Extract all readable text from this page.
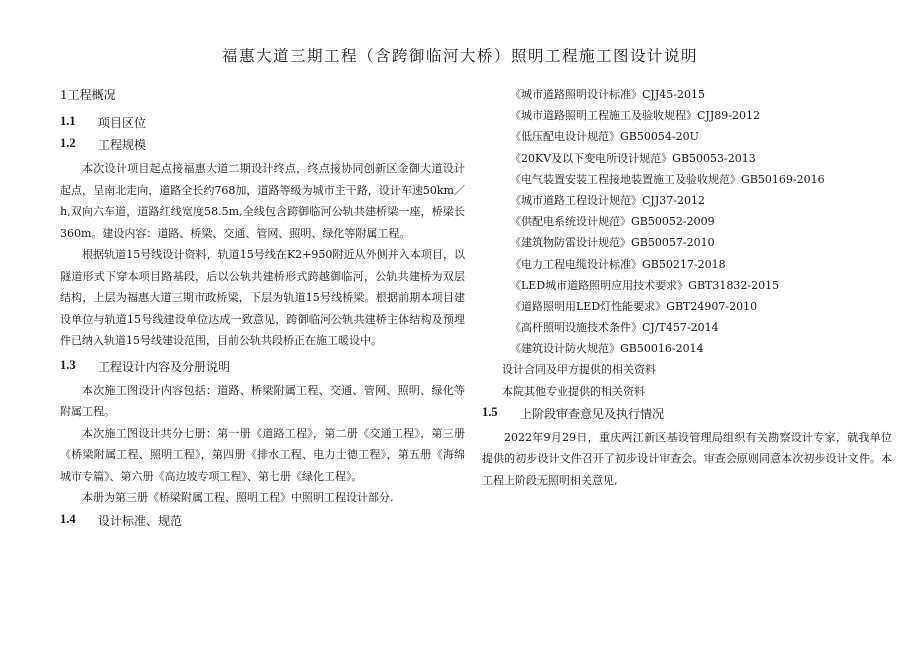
福惠大道三期工程（含跨御临河大桥）照明工程施工图设计说明
1工程概况
1.1	项目区位
1.2	工程规模

本次设计项目起点接福惠大道二期设计终点，终点接协同创新区金御大道设计起点，呈南北走向，道路全长约768加，道路等级为城市主干路，设计车速50km／h,双向六车道，道路红线宽度58.5m,全线包含跨御临河公轨共建桥梁一座，桥梁长360m。建设内容：道路、桥梁、交通、管网、照明、绿化等附属工程。

根据轨道15号线设计资料，轨道15号线在K2+950附近从外侧并入本项目，以隧道形式下穿本项目路基段，后以公轨共建桥形式跨越御临河，公轨共建桥为双层结构，上层为福惠大道三期市政桥梁，下层为轨道15号线桥梁。根据前期本项目建设单位与轨道15号线建设单位达成一致意见，跨御临河公轨共建桥主体结构及预埋件已纳入轨道15号线建设范围，目前公轨共段桥正在施工暖设中。

1.3	工程设计内容及分册说明

本次施工图设计内容包括：道路、桥梁附属工程、交通、管网、照明、绿化等附属工程。

本次施工图设计共分七册：第一册《道路工程》，第二册《交通工程》，第三册《桥梁附属工程、照明工程》，第四册《排水工程、电力士德工程》，第五册《海绵城市专篇》、第六册《高边坡专项工程》、第七册《绿化工程》。

本册为第三册《桥梁附属工程、照明工程》中照明工程设计部分.

1.4	设计标准、规范
《城市道路照明设计标准》CJJ45-2015
《城市道路照明工程施工及验收规程》CJJ89-2012
《低压配电设计规范》GB50054-20U
《20KV及以下变电所设计规范》GB50053-2013
《电气装置安装工程接地装置施工及验收规范》GB50169-2016
《城市道路工程设计规范》CJJ37-2012
《供配电系统设计规范》GB50052-2009
《建筑物防雷设计规范》GB50057-2010
《电力工程电缆设计标准》GB50217-2018
《LED城市道路照明应用技术要求》GBT31832-2015
《道路照明用LED灯性能要求》GBT24907-2010
《高杆照明设施技术条件》CJ/T457-2014
《建筑设计防火规范》GB50016-2014
设计合同及甲方提供的相关资料
本院其他专业提供的相关资料
1.5	上阶段审查意见及执行情况

2022年9月29日，重庆两江新区基设管理局组织有关勘察设计专家，就我单位提供的初步设计文件召开了初步设计审查会。审查会原则同意本次初步设计文件。本工程上阶段无照明相关意见,
